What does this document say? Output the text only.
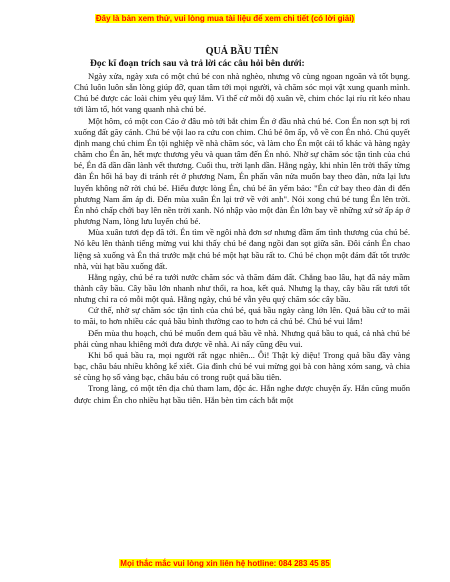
Đây là bản xem thử, vui lòng mua tài liệu để xem chi tiết (có lời giải)
QUẢ BẦU TIÊN
Đọc kĩ đoạn trích sau và trả lời các câu hỏi bên dưới:

Ngày xửa, ngày xưa có một chú bé con nhà nghèo, nhưng vô cùng ngoan ngoãn và tốt bụng. Chú luôn luôn sẵn lòng giúp đỡ, quan tâm tới mọi người, và chăm sóc mọi vật xung quanh mình. Chú bé được các loài chim yêu quý lắm. Vì thế cứ mỗi độ xuân về, chim chóc lại ríu rít kéo nhau tới làm tổ, hót vang quanh nhà chú bé.

Một hôm, có một con Cáo ở đâu mò tới bắt chim Én ở đầu nhà chú bé. Con Én non sợt bị rơi xuống đất gãy cánh. Chú bé vội lao ra cứu con chim. Chú bé ôm ấp, vỗ về con Én nhỏ. Chú quyết định mang chú chim Én tội nghiệp về nhà chăm sóc, và làm cho Én một cái tổ khác và hàng ngày chăm cho Én ăn, hết mực thương yêu và quan tâm đến Én nhỏ. Nhờ sự chăm sóc tận tình của chú bé, Én đã dần dần lành vết thương. Cuối thu, trời lạnh dần. Hằng ngày, khi nhìn lên trời thấy từng đàn Én hối hả bay đi tránh rét ở phương Nam, Én phấn vân nửa muốn bay theo đàn, nửa lại lưu luyến không nỡ rời chú bé. Hiểu được lòng Én, chú bé ân yếm bảo: "Én cứ bay theo đàn đi đến phương Nam ấm áp đi. Đến mùa xuân Én lại trở về với anh". Nói xong chú bé tung Én lên trời. Én nhỏ chấp chới bay lên nền trời xanh. Nó nhập vào một đàn Én lớn bay về những xứ sở ấp áp ở phương Nam, lòng lưu luyến chú bé.

Mùa xuân tươi đẹp đã tới. Én tìm về ngôi nhà đơn sơ nhưng đầm ấm tình thương của chú bé. Nó kêu lên thành tiếng mừng vui khi thấy chú bé đang ngồi đan sọt giữa sân. Đôi cánh Én chao liệng sà xuống và Én thả trước mặt chú bé một hạt bầu rất to. Chú bé chọn một đám đất tốt trước nhà, vùi hạt bầu xuống đất.

Hằng ngày, chú bé ra tưới nước chăm sóc và thăm đám đất. Chẳng bao lâu, hạt đã nảy mầm thành cây bầu. Cây bầu lớn nhanh như thổi, ra hoa, kết quả. Nhưng lạ thay, cây bầu rất tươi tốt nhưng chỉ ra có mỗi một quả. Hằng ngày, chú bé vẫn yêu quý chăm sóc cây bầu.

Cứ thế, nhờ sự chăm sóc tận tình của chú bé, quả bầu ngày càng lớn lên. Quả bầu cứ to mãi to mãi, to hơn nhiều các quả bầu bình thường cao to hơn cả chú bé. Chú bé vui lắm!

Đến mùa thu hoạch, chú bé muốn đem quả bầu về nhà. Nhưng quả bầu to quá, cả nhà chú bé phải cùng nhau khiêng mới đưa được về nhà. Ai nấy cũng đều vui.

Khi bổ quả bầu ra, mọi người rất ngạc nhiên... Ôi! Thật kỳ diệu! Trong quả bầu đầy vàng bạc, châu báu nhiều không kể xiết. Gia đình chú bé vui mừng gọi bà con hàng xóm sang, và chia sẻ cùng họ số vàng bạc, châu báu có trong ruột quả bầu tiên.

Trong làng, có một tên địa chủ tham lam, độc ác. Hắn nghe được chuyện ấy. Hắn cũng muốn được chim Én cho nhiều hạt bầu tiên. Hắn bèn tìm cách bắt một

Mọi thắc mắc vui lòng xin liên hệ hotline: 084 283 45 85
